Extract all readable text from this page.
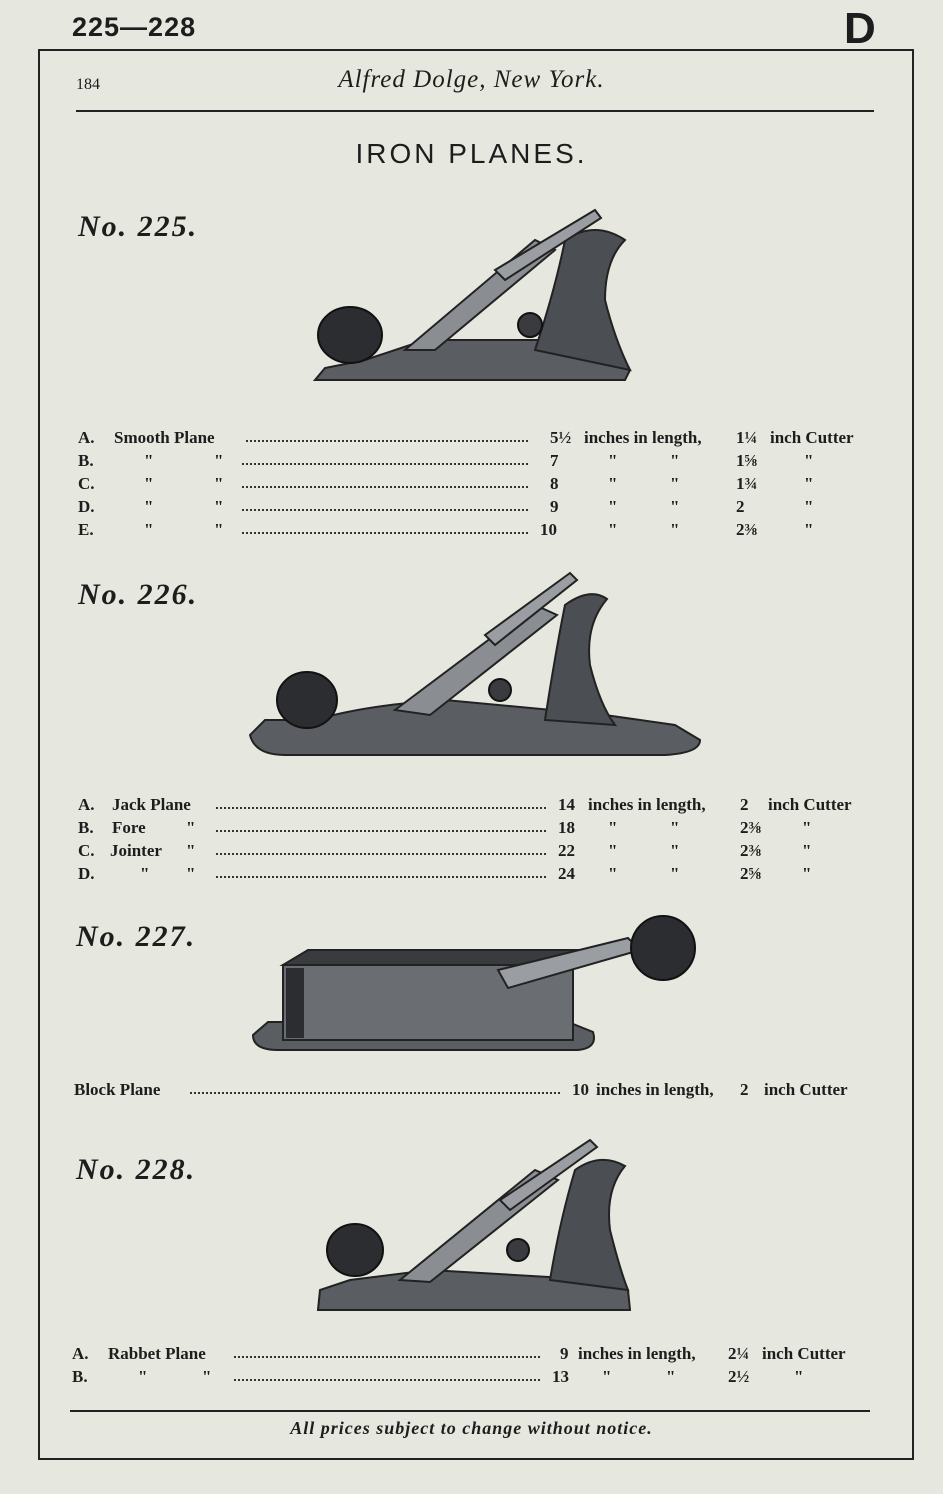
225—228	D
184	Alfred Dolge, New York.
IRON PLANES.
No. 225.
A. Smooth Plane	5½ inches in length, 1¼ inch Cutter
B.	"	"	7	"	"	1⅝	"
C.	"	"	8	"	"	1¾	"
D.	"	"	9	"	"	2	"
E.	"	"	10	"	"	2⅜	"
No. 226.
A. Jack Plane	14 inches in length, 2 inch Cutter
B. Fore "	18 "	"	2⅜ "
C. Jointer "	22 "	"	2⅜ "
D.	" "	24 "	"	2⅝ "
No. 227.
Block Plane	10 inches in length, 2 inch Cutter
No. 228.
A. Rabbet Plane	9 inches in length, 2¼ inch Cutter
B.	"	"	13 "	"	2½	"
All prices subject to change without notice.
